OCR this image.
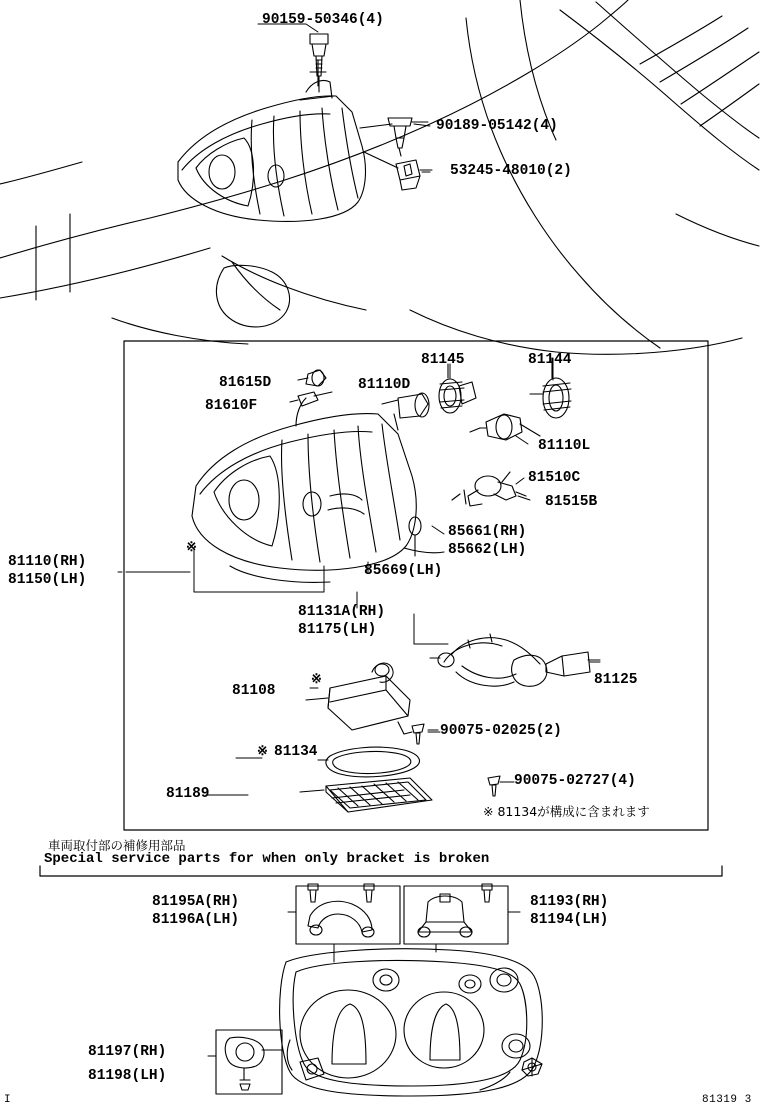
90159-50346(4)
90189-05142(4)
53245-48010(2)
81615D
81610F
81110D
81145	81144
81110L
81510C
81515B
85661(RH)
85662(LH)
85669(LH)
81131A(RH)
81175(LH)
81110(RH)
81150(LH)
81125
81108
90075-02025(2)
81134
81189
90075-02727(4)
※
※
※
※ 81134が構成に含まれます
車両取付部の補修用部品
Special service parts for when only bracket is broken
81195A(RH)
81196A(LH)
81193(RH)
81194(LH)
81197(RH)
81198(LH)
I	81319 3
